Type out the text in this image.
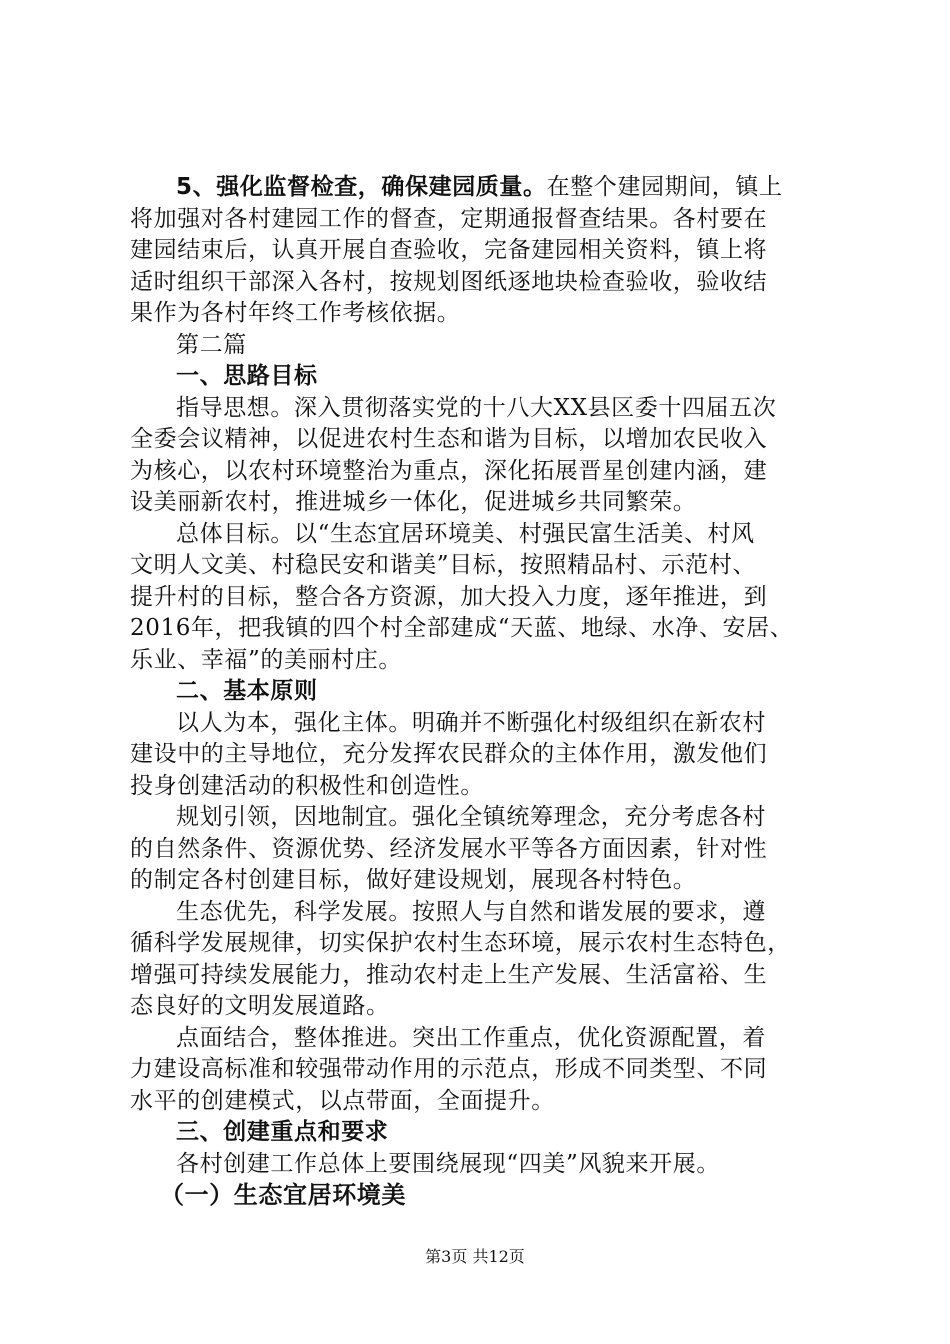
5、强化监督检查，确保建园质量。在整个建园期间，镇上
将加强对各村建园工作的督查，定期通报督查结果。各村要在
建园结束后，认真开展自查验收，完备建园相关资料，镇上将
适时组织干部深入各村，按规划图纸逐地块检查验收，验收结
果作为各村年终工作考核依据。
第二篇
一、思路目标
指导思想。深入贯彻落实党的十八大XX县区委十四届五次
全委会议精神，以促进农村生态和谐为目标，以增加农民收入
为核心，以农村环境整治为重点，深化拓展晋星创建内涵，建
设美丽新农村，推进城乡一体化，促进城乡共同繁荣。
总体目标。以“生态宜居环境美、村强民富生活美、村风
文明人文美、村稳民安和谐美”目标，按照精品村、示范村、
提升村的目标，整合各方资源，加大投入力度，逐年推进，到
2016年，把我镇的四个村全部建成“天蓝、地绿、水净、安居、
乐业、幸福”的美丽村庄。
二、基本原则
以人为本，强化主体。明确并不断强化村级组织在新农村
建设中的主导地位，充分发挥农民群众的主体作用，激发他们
投身创建活动的积极性和创造性。
规划引领，因地制宜。强化全镇统筹理念，充分考虑各村
的自然条件、资源优势、经济发展水平等各方面因素，针对性
的制定各村创建目标，做好建设规划，展现各村特色。
生态优先，科学发展。按照人与自然和谐发展的要求，遵
循科学发展规律，切实保护农村生态环境，展示农村生态特色，
增强可持续发展能力，推动农村走上生产发展、生活富裕、生
态良好的文明发展道路。
点面结合，整体推进。突出工作重点，优化资源配置，着
力建设高标准和较强带动作用的示范点，形成不同类型、不同
水平的创建模式，以点带面，全面提升。
三、创建重点和要求
各村创建工作总体上要围绕展现“四美”风貌来开展。
（一）生态宜居环境美
第3页 共12页
